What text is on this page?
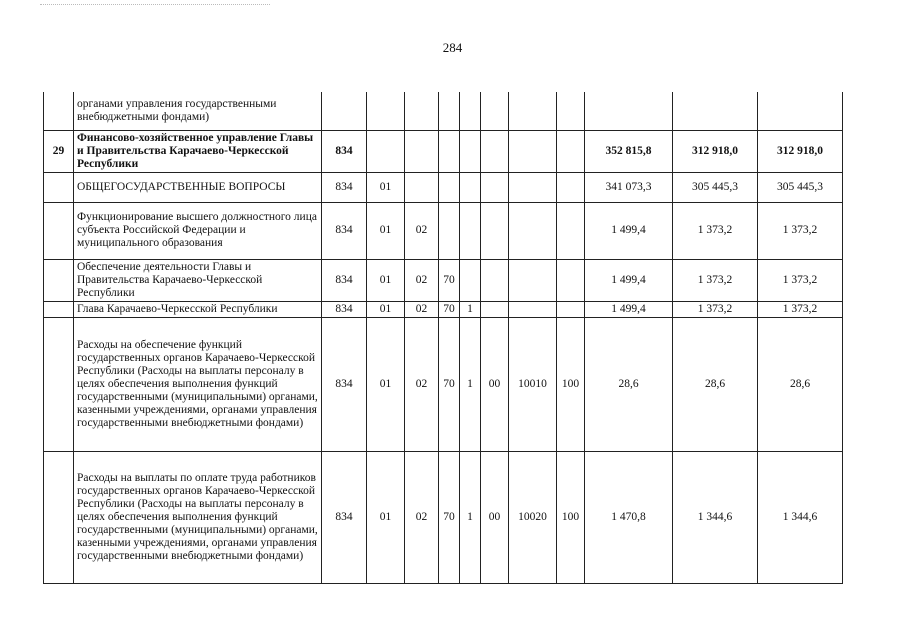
284
	органами управления государственными внебюджетными фондами)											
29	Финансово-хозяйственное управление Главы и Правительства Карачаево-Черкесской Республики	834								352 815,8	312 918,0	312 918,0
	ОБЩЕГОСУДАРСТВЕННЫЕ ВОПРОСЫ	834	01							341 073,3	305 445,3	305 445,3
	Функционирование высшего должностного лица субъекта Российской Федерации и муниципального образования	834	01	02						1 499,4	1 373,2	1 373,2
	Обеспечение деятельности Главы и Правительства Карачаево-Черкесской Республики	834	01	02	70					1 499,4	1 373,2	1 373,2
	Глава Карачаево-Черкесской Республики	834	01	02	70	1				1 499,4	1 373,2	1 373,2
	Расходы на обеспечение функций государственных органов Карачаево-Черкесской Республики (Расходы на выплаты персоналу в целях обеспечения выполнения функций государственными (муниципальными) органами, казенными учреждениями, органами управления государственными внебюджетными фондами)	834	01	02	70	1	00	10010	100	28,6	28,6	28,6
	Расходы на выплаты по оплате труда работников государственных органов Карачаево-Черкесской Республики (Расходы на выплаты персоналу в целях обеспечения выполнения функций государственными (муниципальными) органами, казенными учреждениями, органами управления государственными внебюджетными фондами)	834	01	02	70	1	00	10020	100	1 470,8	1 344,6	1 344,6
